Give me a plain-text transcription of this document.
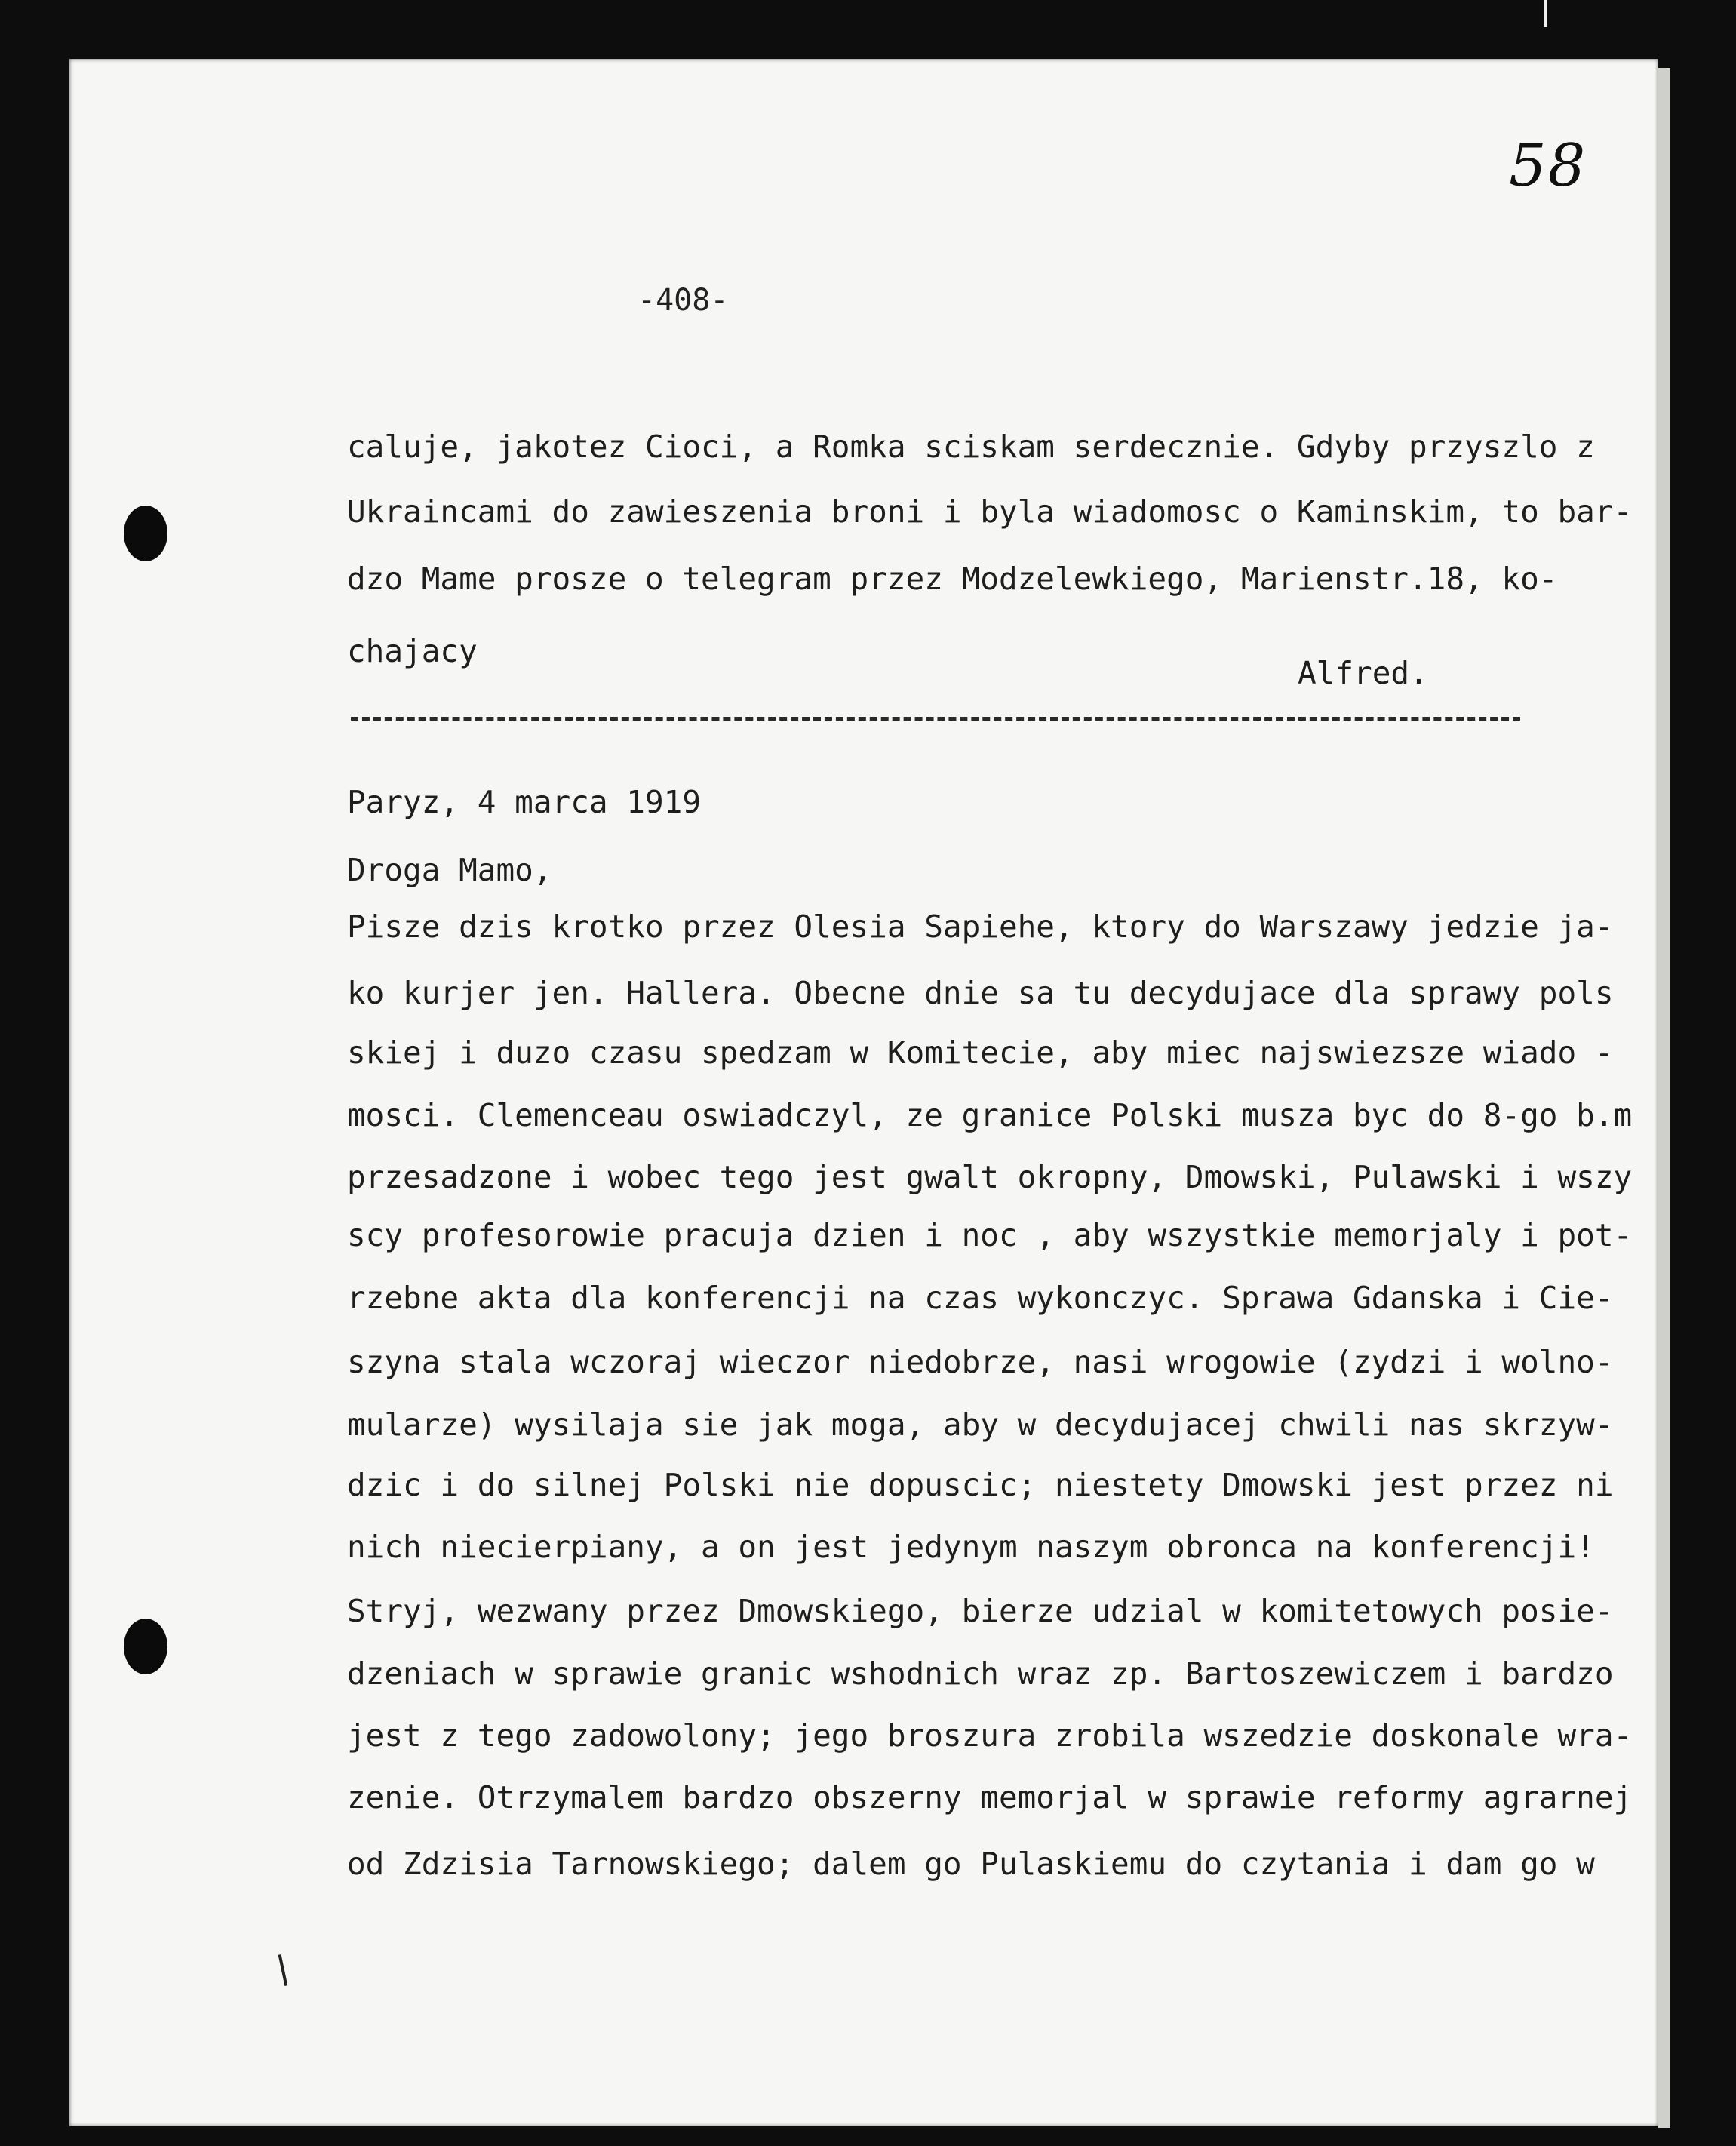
58
-408-
caluje, jakotez Cioci, a Romka sciskam serdecznie. Gdyby przyszlo z
Ukraincami do zawieszenia broni i byla wiadomosc o Kaminskim, to bar-
dzo Mame prosze o telegram przez Modzelewkiego, Marienstr.18, ko-
chajacy
Alfred.
Paryz, 4 marca 1919
Droga Mamo,
Pisze dzis krotko przez Olesia Sapiehe, ktory do Warszawy jedzie ja-
ko kurjer jen. Hallera. Obecne dnie sa tu decydujace dla sprawy pols
skiej i duzo czasu spedzam w Komitecie, aby miec najswiezsze wiado -
mosci. Clemenceau oswiadczyl, ze granice Polski musza byc do 8-go b.m
przesadzone i wobec tego jest gwalt okropny, Dmowski, Pulawski i wszy
scy profesorowie pracuja dzien i noc , aby wszystkie memorjaly i pot-
rzebne akta dla konferencji na czas wykonczyc. Sprawa Gdanska i Cie-
szyna stala wczoraj wieczor niedobrze, nasi wrogowie (zydzi i wolno-
mularze) wysilaja sie jak moga, aby w decydujacej chwili nas skrzyw-
dzic i do silnej Polski nie dopuscic; niestety Dmowski jest przez ni
nich niecierpiany, a on jest jedynym naszym obronca na konferencji!
Stryj, wezwany przez Dmowskiego, bierze udzial w komitetowych posie-
dzeniach w sprawie granic wshodnich wraz zp. Bartoszewiczem i bardzo
jest z tego zadowolony; jego broszura zrobila wszedzie doskonale wra-
zenie. Otrzymalem bardzo obszerny memorjal w sprawie reformy agrarnej
od Zdzisia Tarnowskiego; dalem go Pulaskiemu do czytania i dam go w
